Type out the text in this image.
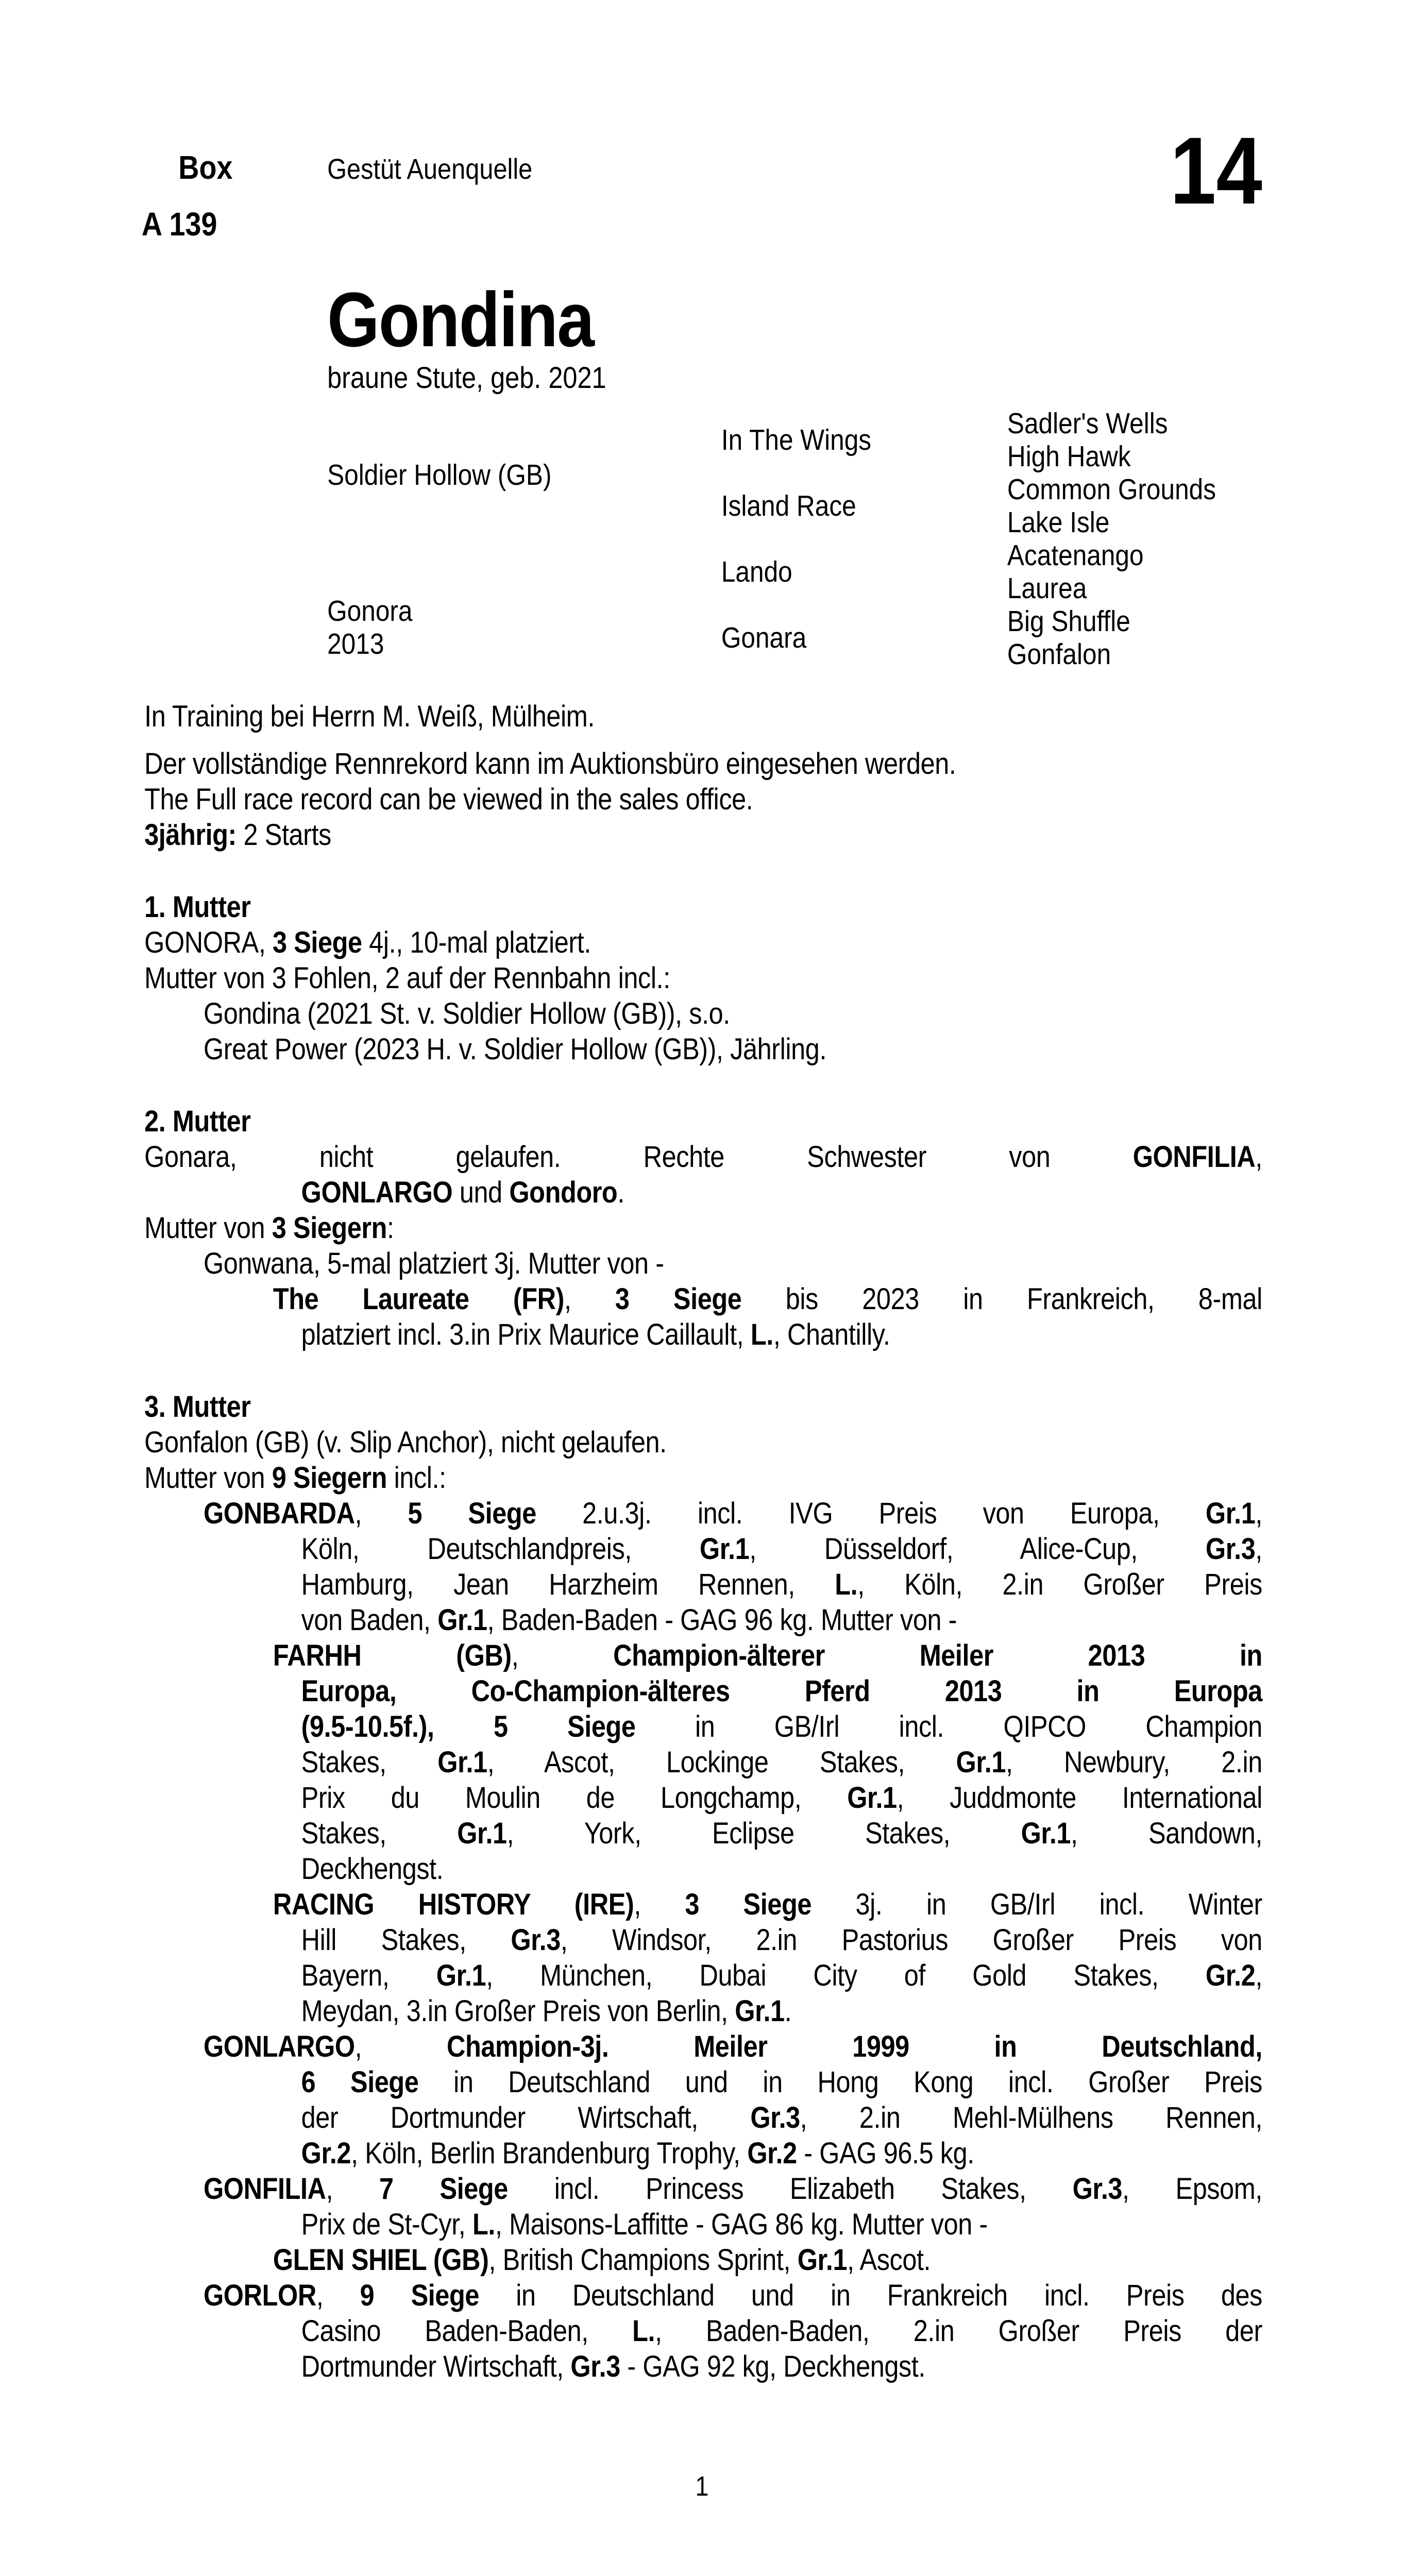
Box
A 139
Gestüt Auenquelle	14
Gondina
braune Stute, geb. 2021
Soldier Hollow (GB)
Gonora
2013
In The Wings
Island Race
Lando
Gonara
Sadler's Wells
High Hawk
Common Grounds
Lake Isle
Acatenango
Laurea
Big Shuffle
Gonfalon
In Training bei Herrn M. Weiß, Mülheim.
Der vollständige Rennrekord kann im Auktionsbüro eingesehen werden.
The Full race record can be viewed in the sales office.
3jährig: 2 Starts
1. Mutter
GONORA, 3 Siege 4j., 10-mal platziert.
Mutter von 3 Fohlen, 2 auf der Rennbahn incl.:
Gondina (2021 St. v. Soldier Hollow (GB)), s.o.
Great Power (2023 H. v. Soldier Hollow (GB)), Jährling.
2. Mutter
Gonara, nicht gelaufen. Rechte Schwester von GONFILIA,
GONLARGO und Gondoro.
Mutter von 3 Siegern:
Gonwana, 5-mal platziert 3j. Mutter von -
The Laureate (FR), 3 Siege bis 2023 in Frankreich, 8-mal
platziert incl. 3.in Prix Maurice Caillault, L., Chantilly.
3. Mutter
Gonfalon (GB) (v. Slip Anchor), nicht gelaufen.
Mutter von 9 Siegern incl.:
GONBARDA, 5 Siege 2.u.3j. incl. IVG Preis von Europa, Gr.1,
Köln, Deutschlandpreis, Gr.1, Düsseldorf, Alice-Cup, Gr.3,
Hamburg, Jean Harzheim Rennen, L., Köln, 2.in Großer Preis
von Baden, Gr.1, Baden-Baden - GAG 96 kg. Mutter von -
FARHH (GB), Champion-älterer Meiler 2013 in
Europa, Co-Champion-älteres Pferd 2013 in Europa
(9.5-10.5f.), 5 Siege in GB/Irl incl. QIPCO Champion
Stakes, Gr.1, Ascot, Lockinge Stakes, Gr.1, Newbury, 2.in
Prix du Moulin de Longchamp, Gr.1, Juddmonte International
Stakes, Gr.1, York, Eclipse Stakes, Gr.1, Sandown,
Deckhengst.
RACING HISTORY (IRE), 3 Siege 3j. in GB/Irl incl. Winter
Hill Stakes, Gr.3, Windsor, 2.in Pastorius Großer Preis von
Bayern, Gr.1, München, Dubai City of Gold Stakes, Gr.2,
Meydan, 3.in Großer Preis von Berlin, Gr.1.
GONLARGO, Champion-3j. Meiler 1999 in Deutschland,
6 Siege in Deutschland und in Hong Kong incl. Großer Preis
der Dortmunder Wirtschaft, Gr.3, 2.in Mehl-Mülhens Rennen,
Gr.2, Köln, Berlin Brandenburg Trophy, Gr.2 - GAG 96.5 kg.
GONFILIA, 7 Siege incl. Princess Elizabeth Stakes, Gr.3, Epsom,
Prix de St-Cyr, L., Maisons-Laffitte - GAG 86 kg. Mutter von -
GLEN SHIEL (GB), British Champions Sprint, Gr.1, Ascot.
GORLOR, 9 Siege in Deutschland und in Frankreich incl. Preis des
Casino Baden-Baden, L., Baden-Baden, 2.in Großer Preis der
Dortmunder Wirtschaft, Gr.3 - GAG 92 kg, Deckhengst.
1
